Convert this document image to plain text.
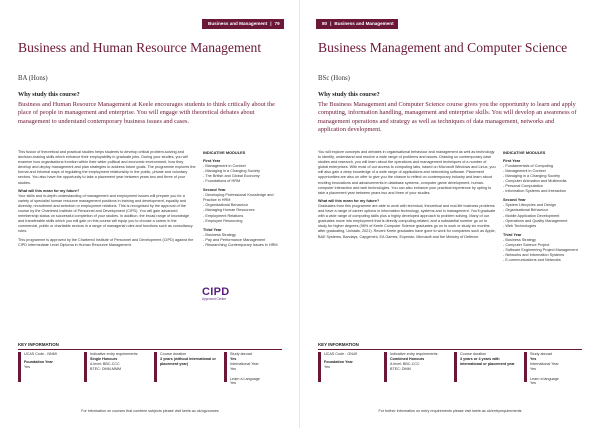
Business and Management | 79
Business and Human Resource Management
BA (Hons)
Why study this course?
Business and Human Resource Management at Keele encourages students to think critically about the place of people in management and enterprise. You will engage with theoretical debates about management to understand contemporary business issues and cases.

This fusion of theoretical and practical studies helps students to develop critical problem-solving and decision-making skills which enhance their employability in graduate jobs. During your studies, you will examine how organisations function within their wider political and economic environment, how they develop and deploy management and plan strategies to address future goals. The programme explores the formal and informal ways of regulating the employment relationship in the public, private and voluntary sectors. You also have the opportunity to take a placement year between years two and three of your studies.

What will this mean for my future?

Your skills and in-depth understanding of management and employment issues will prepare you for a variety of specialist human resource management positions in training and development, equality and diversity, recruitment and selection or employment relations. This is recognised by the approval of the course by the Chartered Institute of Personnel and Development (CIPD). You will gain advanced membership status on successful completion of your studies. In addition, the broad range of knowledge and transferable skills which you will gain on this course will equip you to choose a career in the commercial, public or charitable sectors in a range of managerial roles and functions such as consultancy roles.

This programme is approved by the Chartered Institute of Personnel and Development (CIPD) against the CIPD Intermediate Level Diploma in Human Resource Management.

INDICATIVE MODULES
First Year
- Management in Context
- Managing in a Changing Society
- The British and Global Economy
- Foundations of HRM
Second Year
- Developing Professional Knowledge and Practice in HRM
- Organisational Behaviour
- Managing Human Resources
- Employment Relations
- Employee Resourcing
Third Year
- Business Strategy
- Pay and Performance Management
- Researching Contemporary Issues in HRM
CIPD
Approved Centre
KEY INFORMATION
UCAS Code - NN69
Foundation Year
Yes
Indicative entry requirements:
Single Honours
A level: BBC-CCC
BTEC: DMM-MMM
Course duration
3 years (without international or placement year)
Study abroad
Yes
International Year
Yes

Learn a Language
Yes
For information on courses that combine subjects please visit keele.ac.uk/ugcourses
80 | Business and Management
Business Management and Computer Science
BSc (Hons)
Why study this course?
The Business Management and Computer Science course gives you the opportunity to learn and apply computing, information handling, management and enterprise skills. You will develop an awareness of management operations and strategy as well as techniques of data management, networks and application development.

You will explore concepts and debates in organisational behaviour and management as well as technology to identify, understand and resolve a wide range of problems and issues. Drawing on contemporary case studies and research, you will learn about the operations and management techniques of a number of global enterprises. With most of our access to computing labs, based on Microsoft Windows and Linux, you will also gain a deep knowledge of a wide range of applications and networking software. Placement opportunities are also on offer to give you the chance to reflect on contemporary industry and learn about exciting innovations and advancements in database systems, computer game development, human-computer interaction and web technologies. You can also enhance your practical experience by opting to take a placement year between years two and three of your studies.

What will this mean for my future?

Graduates from this programme are able to work with technical, theoretical and real-life business problems and have a range of career options in information technology, systems and in management. You’ll graduate with a wide range of computing skills plus a highly developed approach to problem solving. Many of our graduates move into employment that is directly computing-related, and a substantial number go on to study for higher degrees (96% of Keele Computer Science graduates go on to work or study six months after graduating, Unistats, 2021). Recent Keele graduates have gone to work for companies such as Apple, BAE Systems, Barclays, Capgemini, EA Games, Experian, Microsoft and the Ministry of Defence.

INDICATIVE MODULES
First Year
- Fundamentals of Computing
- Management in Context
- Managing in a Changing Society
- Computer Animation and Multimedia
- Personal Computation
- Information Systems and Interaction
Second Year
- System Lifecycles and Design
- Organisational Behaviour
- Mobile Application Development
- Operations and Quality Management
- Web Technologies
Third Year
- Business Strategy
- Computer Science Project
- Software Engineering Project Management
- Networks and Information Systems
- E-communications and Networks
KEY INFORMATION
UCAS Code - GN49
Foundation Year
Yes
Indicative entry requirements:
Combined Honours
A level: BBC-CCC
BTEC: DMM
Course duration
3 years or 4 years with international or placement year
Study abroad
Yes
International Year
Yes

Learn a language
Yes
For further information on entry requirements please visit keele.ac.uk/entryrequirements
